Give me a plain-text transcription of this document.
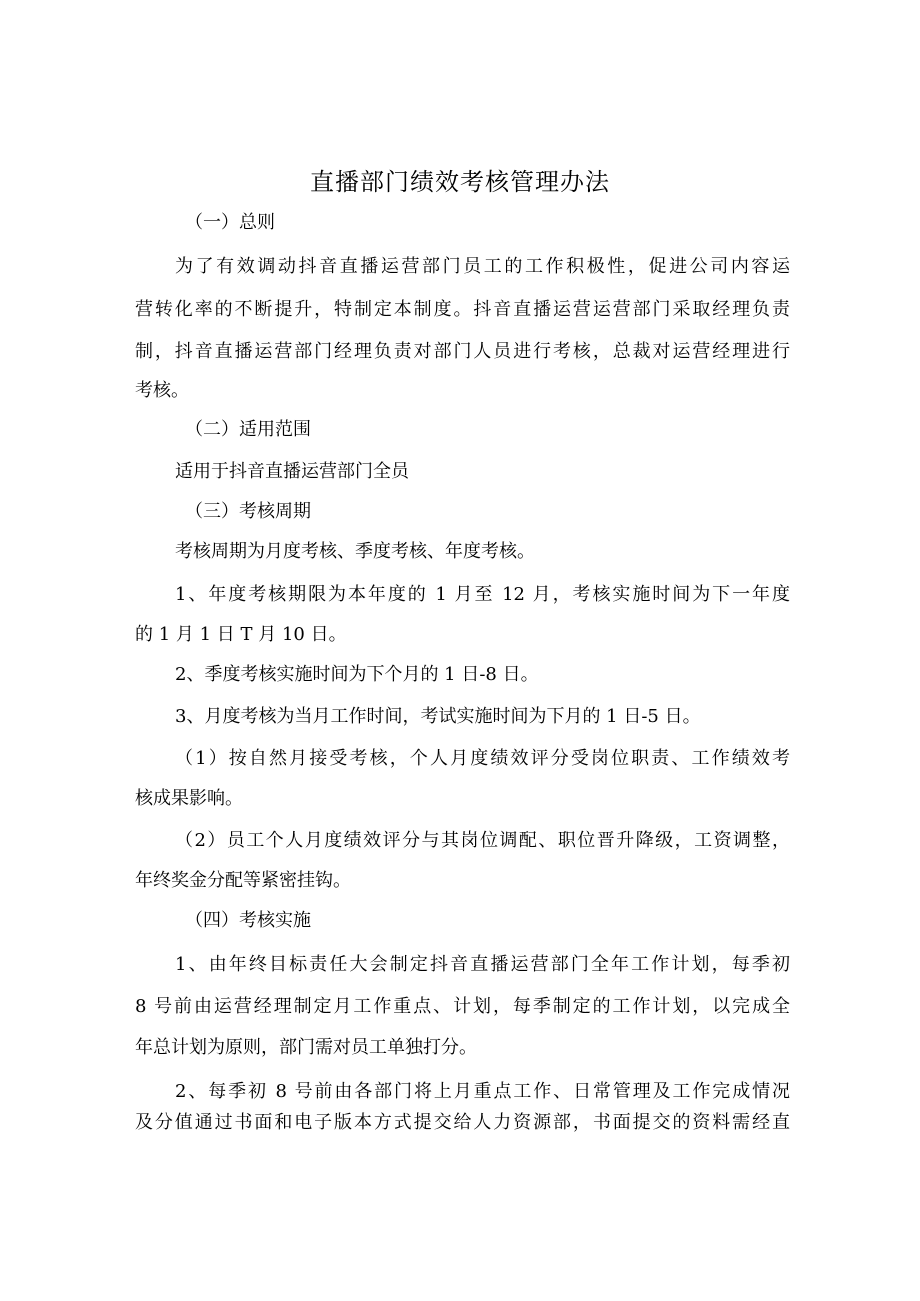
直播部门绩效考核管理办法
（一）总则
为了有效调动抖音直播运营部门员工的工作积极性，促进公司内容运
营转化率的不断提升，特制定本制度。抖音直播运营运营部门采取经理负责
制，抖音直播运营部门经理负责对部门人员进行考核，总裁对运营经理进行
考核。
（二）适用范围
适用于抖音直播运营部门全员
（三）考核周期
考核周期为月度考核、季度考核、年度考核。
1、年度考核期限为本年度的 1 月至 12 月，考核实施时间为下一年度
的 1 月 1 日 T 月 10 日。
2、季度考核实施时间为下个月的 1 日-8 日。
3、月度考核为当月工作时间，考试实施时间为下月的 1 日-5 日。
（1）按自然月接受考核，个人月度绩效评分受岗位职责、工作绩效考
核成果影响。
（2）员工个人月度绩效评分与其岗位调配、职位晋升降级，工资调整，
年终奖金分配等紧密挂钩。
（四）考核实施
1、由年终目标责任大会制定抖音直播运营部门全年工作计划，每季初
8 号前由运营经理制定月工作重点、计划，每季制定的工作计划，以完成全
年总计划为原则，部门需对员工单独打分。
2、每季初 8 号前由各部门将上月重点工作、日常管理及工作完成情况
及分值通过书面和电子版本方式提交给人力资源部，书面提交的资料需经直
